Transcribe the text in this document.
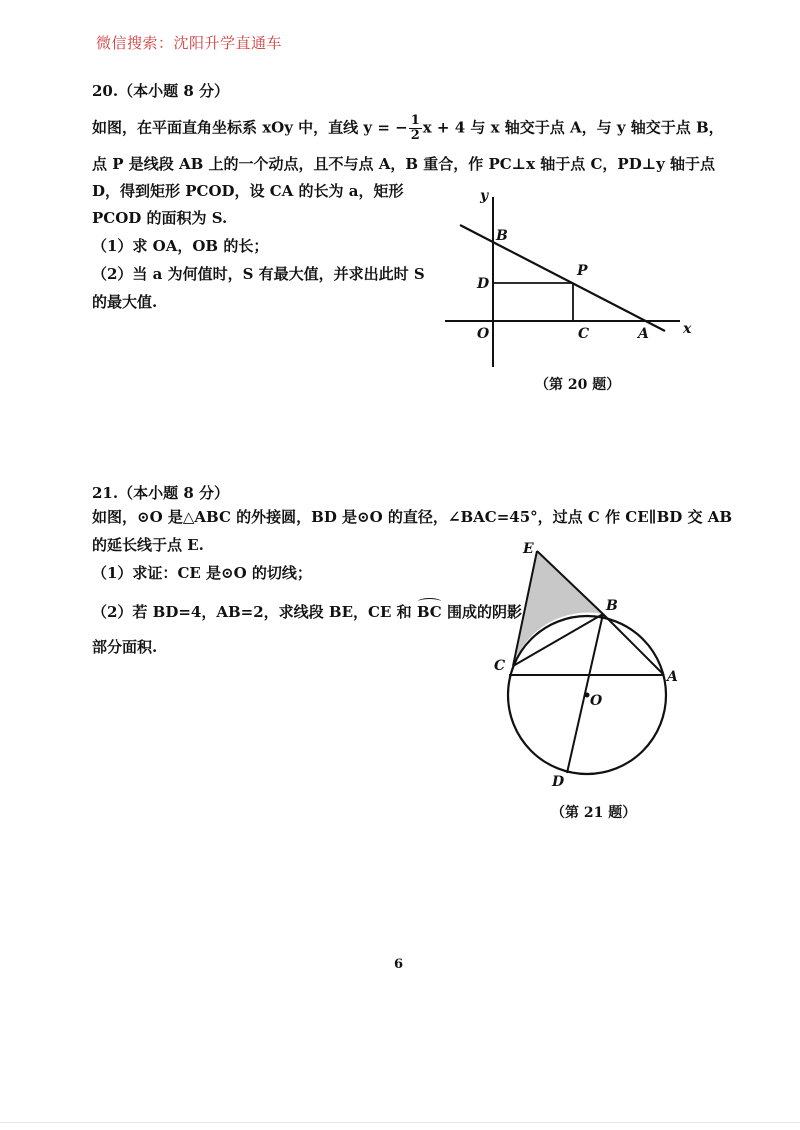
微信搜索：沈阳升学直通车
20.（本小题 8 分）
如图，在平面直角坐标系 xOy 中，直线 y = − $\frac{1}{2}$ x + 4 与 x 轴交于点 A，与 y 轴交于点 B，
点 P 是线段 AB 上的一个动点，且不与点 A，B 重合，作 PC⊥x 轴于点 C，PD⊥y 轴于点
D，得到矩形 PCOD，设 CA 的长为 a，矩形
PCOD 的面积为 S.
（1）求 OA，OB 的长；
（2）当 a 为何值时，S 有最大值，并求出此时 S
的最大值.
y
x
B
D
P
O	C	A
（第 20 题）
21.（本小题 8 分）
如图，⊙O 是△ABC 的外接圆，BD 是⊙O 的直径，∠BAC=45°，过点 C 作 CE∥BD 交 AB
的延长线于点 E.
（1）求证：CE 是⊙O 的切线；
（2）若 BD=4，AB=2，求线段 BE，CE 和 BC 围成的阴影
部分面积.
E
B
C
A
O
D
（第 21 题）
6
